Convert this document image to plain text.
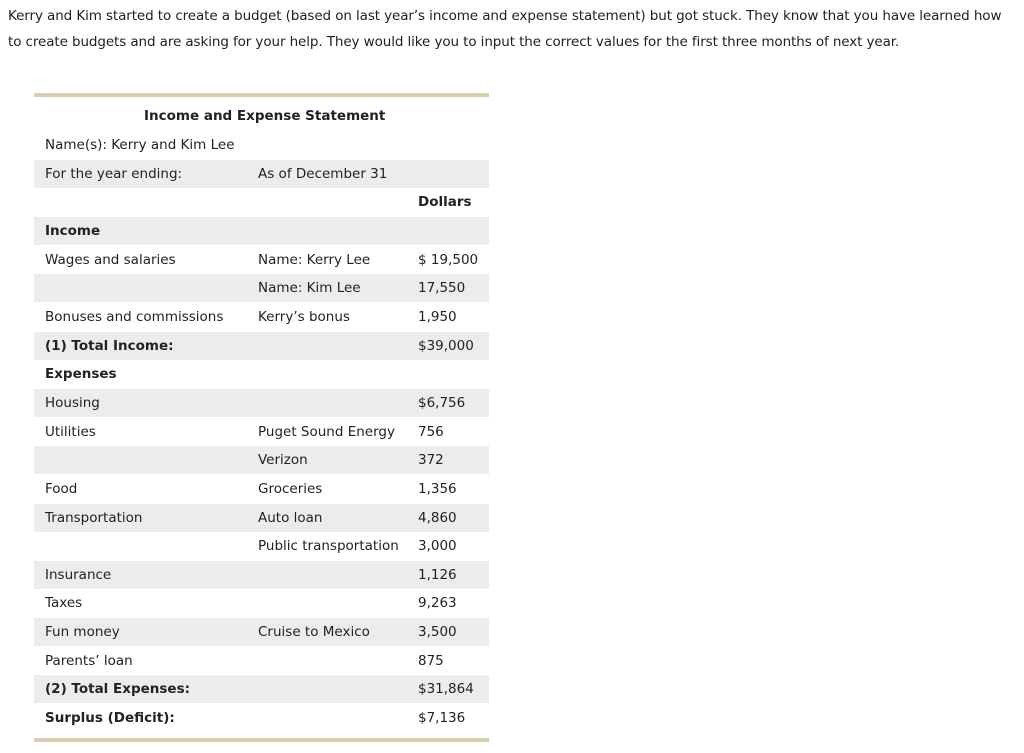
Kerry and Kim started to create a budget (based on last year’s income and expense statement) but got stuck. They know that you have learned how

to create budgets and are asking for your help. They would like you to input the correct values for the first three months of next year.

Income and Expense Statement
Name(s): Kerry and Kim Lee
For the year ending:	As of December 31
Dollars
Income
Wages and salaries	Name: Kerry Lee	$ 19,500
Name: Kim Lee	17,550
Bonuses and commissions	Kerry’s bonus	1,950
(1) Total Income:	$39,000
Expenses
Housing	$6,756
Utilities	Puget Sound Energy 756
Verizon	372
Food	Groceries	1,356
Transportation	Auto loan	4,860
Public transportation 3,000
Insurance	1,126
Taxes	9,263
Fun money	Cruise to Mexico	3,500
Parents’ loan	875
(2) Total Expenses:	$31,864
Surplus (Deficit):	$7,136
